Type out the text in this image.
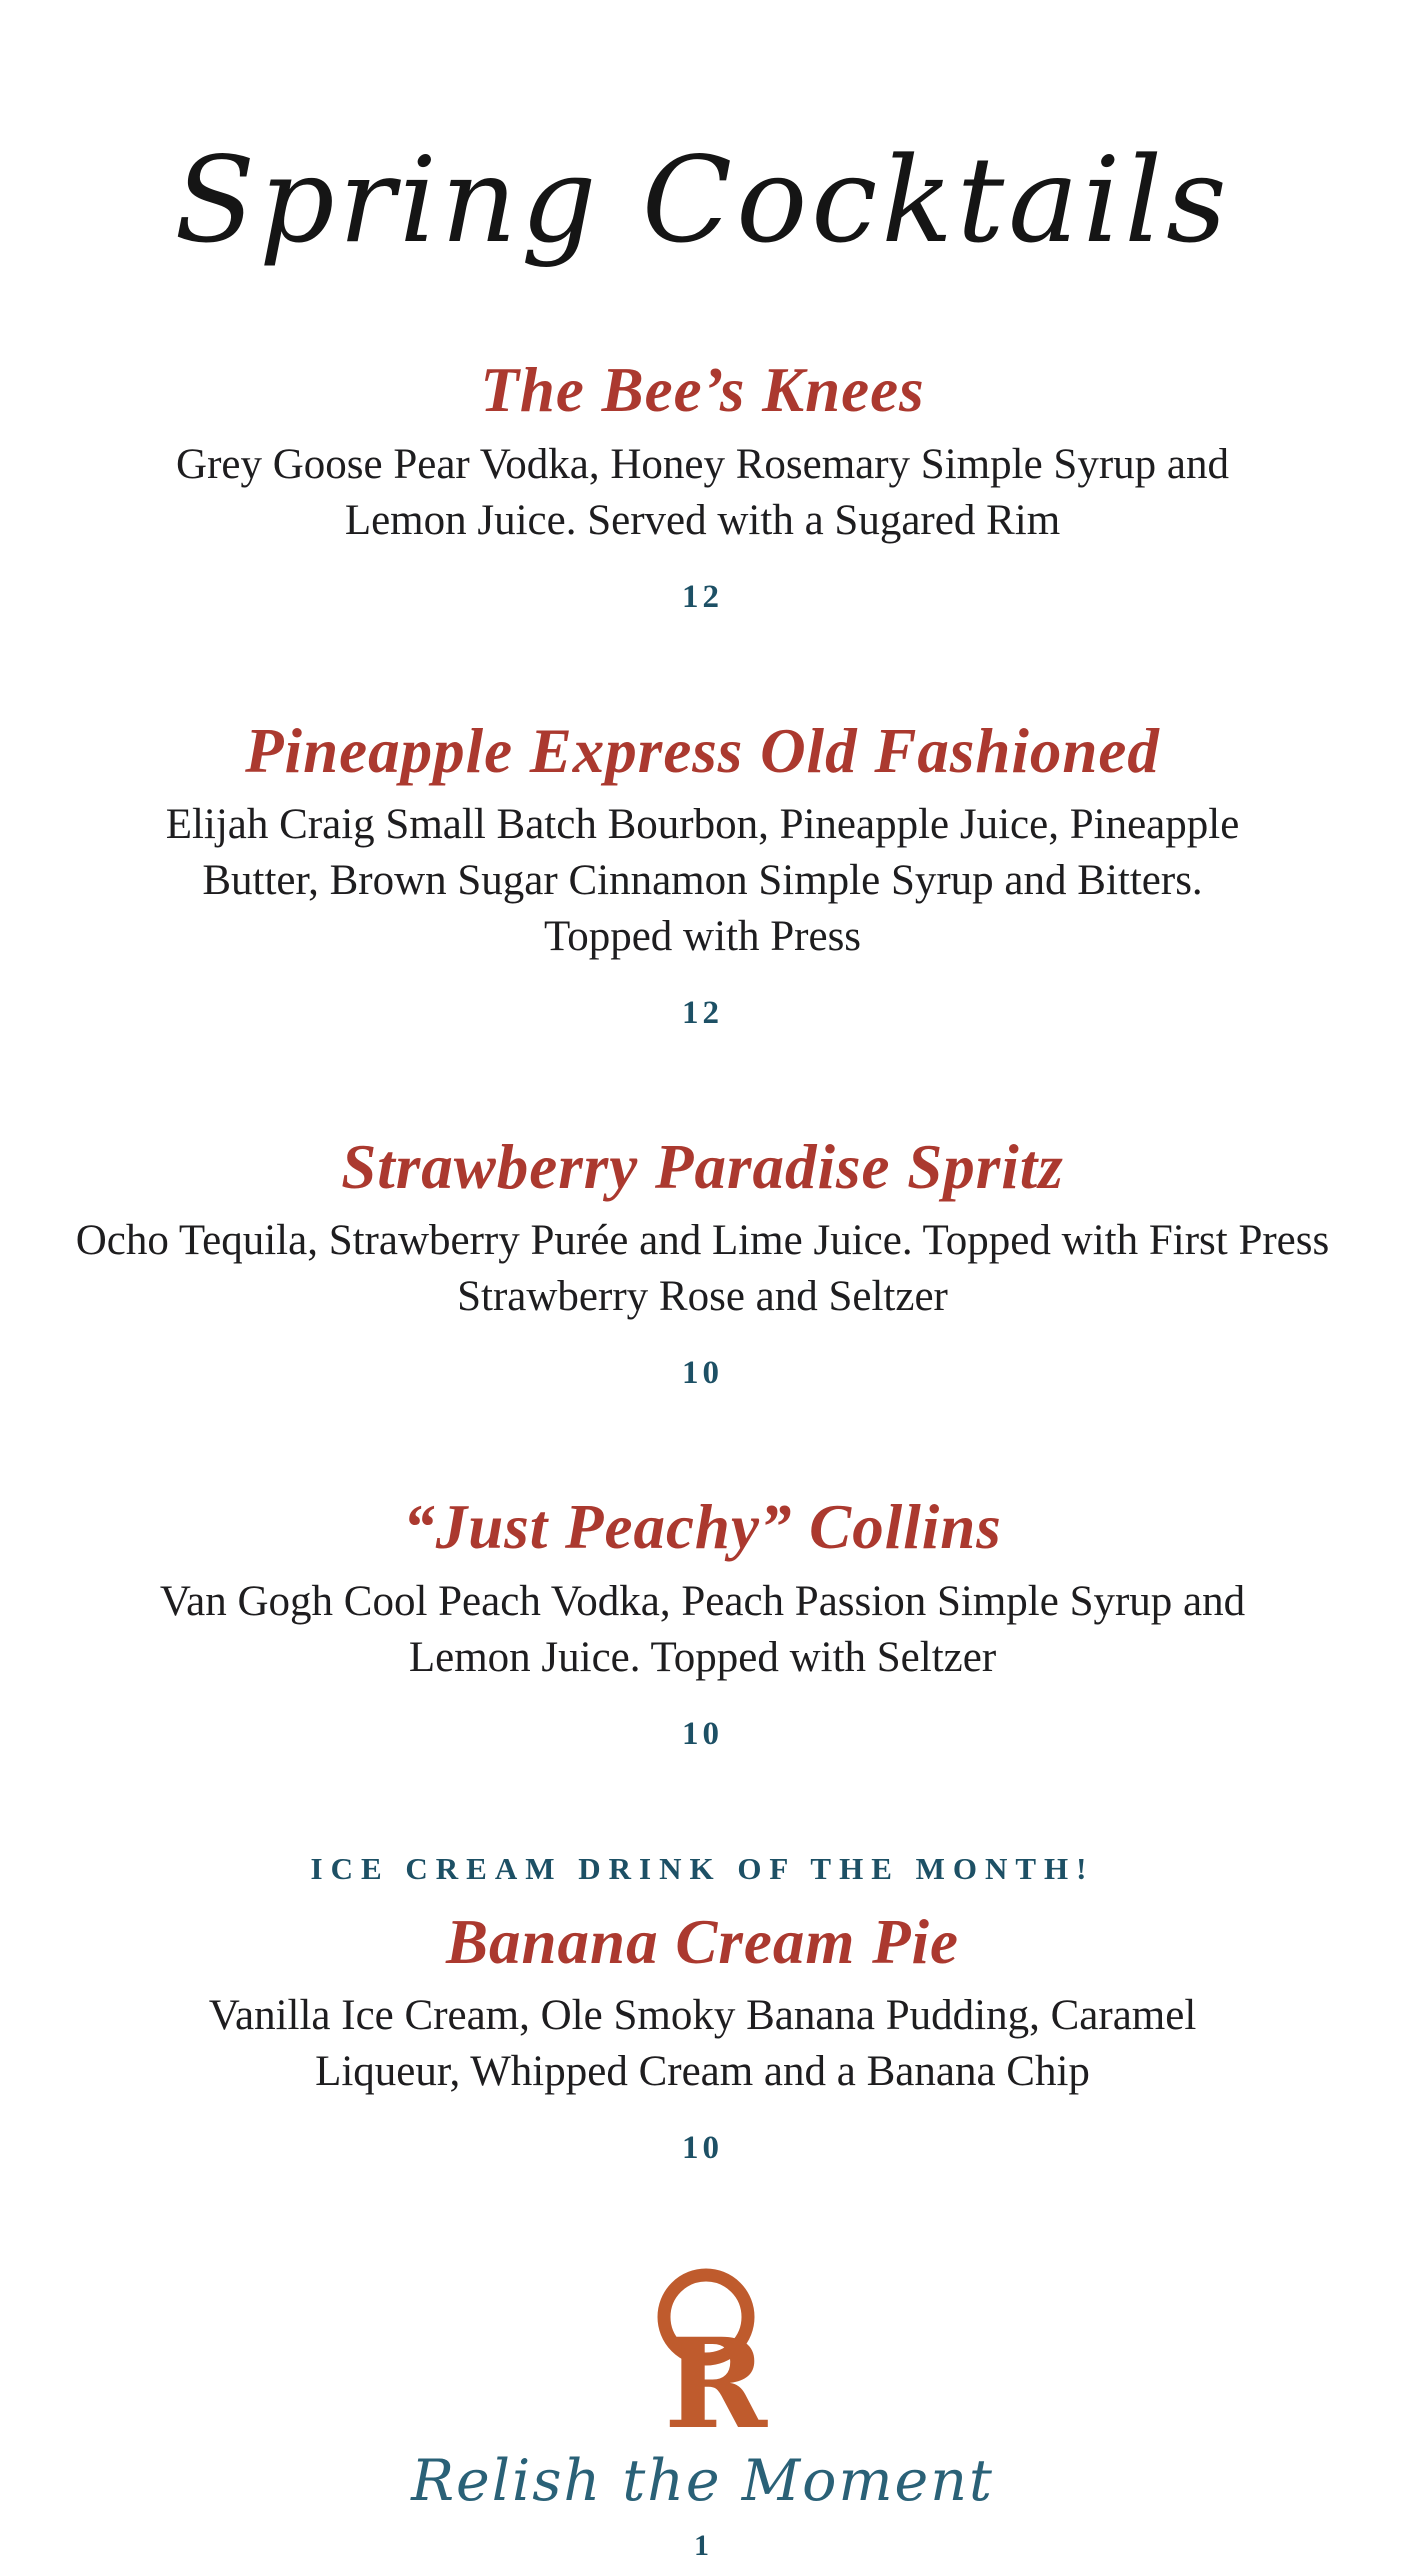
Spring Cocktails
The Bee’s Knees

Grey Goose Pear Vodka, Honey Rosemary Simple Syrup and Lemon Juice. Served with a Sugared Rim

12
Pineapple Express Old Fashioned

Elijah Craig Small Batch Bourbon, Pineapple Juice, Pineapple Butter, Brown Sugar Cinnamon Simple Syrup and Bitters. Topped with Press

12
Strawberry Paradise Spritz

Ocho Tequila, Strawberry Purée and Lime Juice. Topped with First Press Strawberry Rose and Seltzer

10
“Just Peachy” Collins

Van Gogh Cool Peach Vodka, Peach Passion Simple Syrup and Lemon Juice. Topped with Seltzer

10
ICE CREAM DRINK OF THE MONTH!
Banana Cream Pie

Vanilla Ice Cream, Ole Smoky Banana Pudding, Caramel Liqueur, Whipped Cream and a Banana Chip

10
R
Relish the Moment
1
